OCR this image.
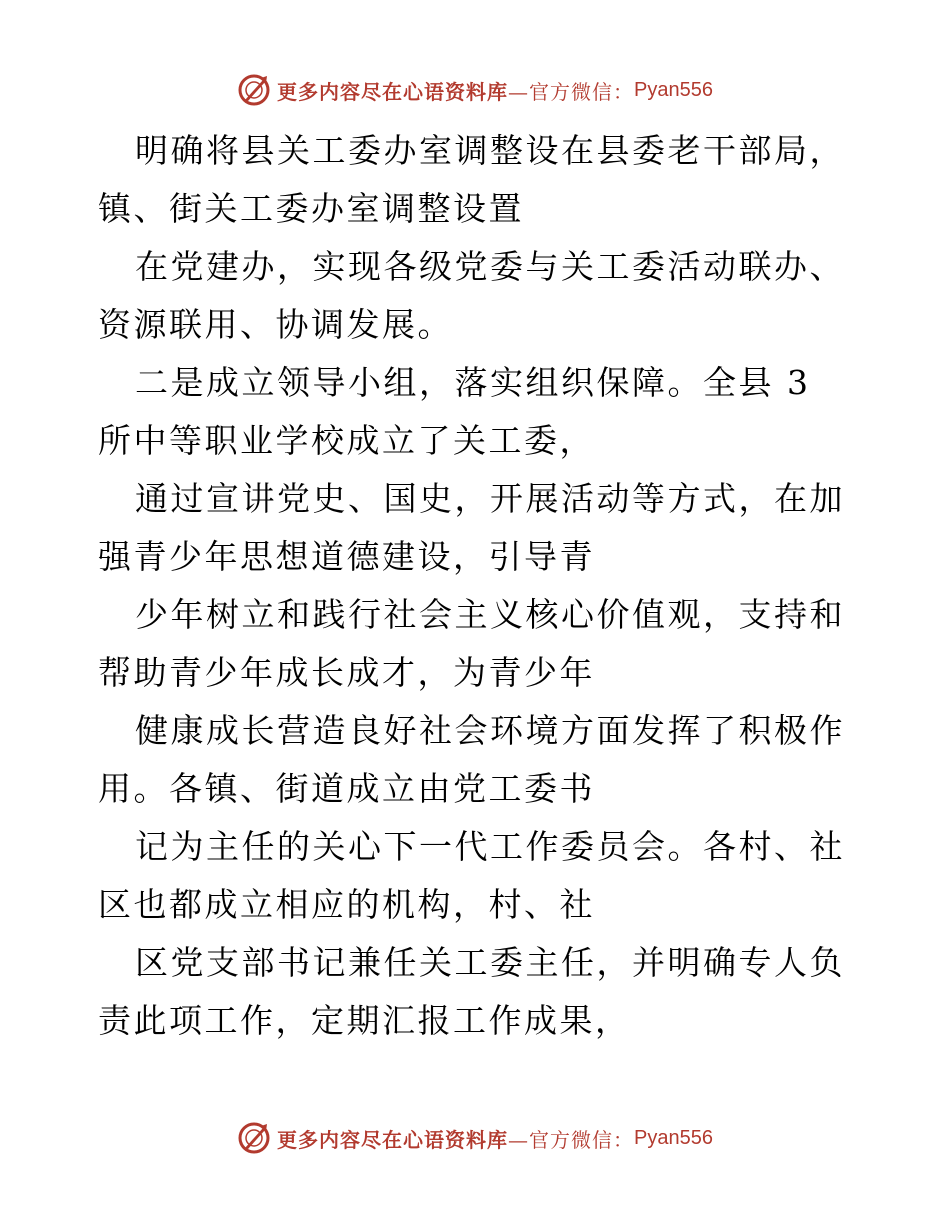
更多内容尽在心语资料库 —官方微信： Pyan556

明确将县关工委办室调整设在县委老干部局，镇、街关工委办室调整设置

在党建办，实现各级党委与关工委活动联办、资源联用、协调发展。

二是成立领导小组，落实组织保障。全县 3 所中等职业学校成立了关工委，

通过宣讲党史、国史，开展活动等方式，在加强青少年思想道德建设，引导青

少年树立和践行社会主义核心价值观，支持和帮助青少年成长成才，为青少年

健康成长营造良好社会环境方面发挥了积极作用。各镇、街道成立由党工委书

记为主任的关心下一代工作委员会。各村、社区也都成立相应的机构，村、社

区党支部书记兼任关工委主任，并明确专人负责此项工作，定期汇报工作成果，

更多内容尽在心语资料库 —官方微信： Pyan556
